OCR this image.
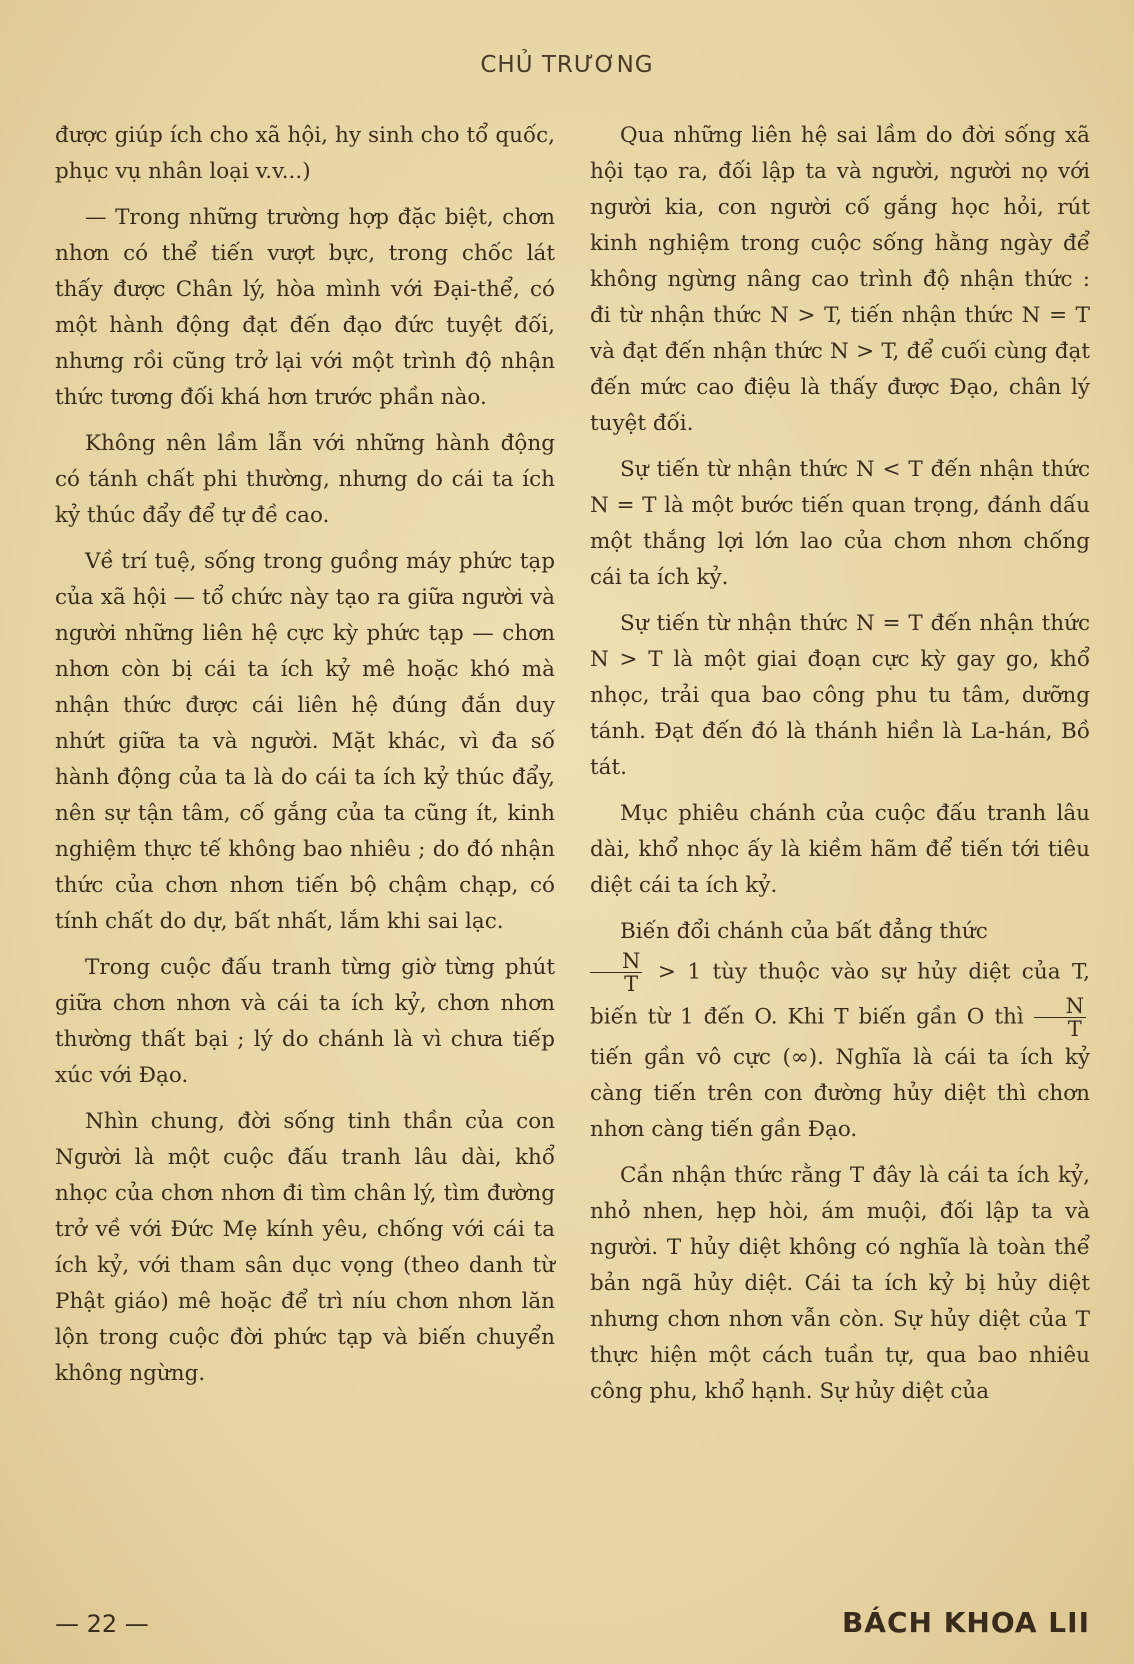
CHỦ TRƯƠNG

được giúp ích cho xã hội, hy sinh cho tổ quốc, phục vụ nhân loại v.v...)

— Trong những trường hợp đặc biệt, chơn nhơn có thể tiến vượt bực, trong chốc lát thấy được Chân lý, hòa mình với Đại-thể, có một hành động đạt đến đạo đức tuyệt đối, nhưng rồi cũng trở lại với một trình độ nhận thức tương đối khá hơn trước phần nào.

Không nên lầm lẫn với những hành động có tánh chất phi thường, nhưng do cái ta ích kỷ thúc đẩy để tự đề cao.

Về trí tuệ, sống trong guồng máy phức tạp của xã hội — tổ chức này tạo ra giữa người và người những liên hệ cực kỳ phức tạp — chơn nhơn còn bị cái ta ích kỷ mê hoặc khó mà nhận thức được cái liên hệ đúng đắn duy nhứt giữa ta và người. Mặt khác, vì đa số hành động của ta là do cái ta ích kỷ thúc đẩy, nên sự tận tâm, cố gắng của ta cũng ít, kinh nghiệm thực tế không bao nhiêu ; do đó nhận thức của chơn nhơn tiến bộ chậm chạp, có tính chất do dự, bất nhất, lắm khi sai lạc.

Trong cuộc đấu tranh từng giờ từng phút giữa chơn nhơn và cái ta ích kỷ, chơn nhơn thường thất bại ; lý do chánh là vì chưa tiếp xúc với Đạo.

Nhìn chung, đời sống tinh thần của con Người là một cuộc đấu tranh lâu dài, khổ nhọc của chơn nhơn đi tìm chân lý, tìm đường trở về với Đức Mẹ kính yêu, chống với cái ta ích kỷ, với tham sân dục vọng (theo danh từ Phật giáo) mê hoặc để trì níu chơn nhơn lăn lộn trong cuộc đời phức tạp và biến chuyển không ngừng.

Qua những liên hệ sai lầm do đời sống xã hội tạo ra, đối lập ta và người, người nọ với người kia, con người cố gắng học hỏi, rút kinh nghiệm trong cuộc sống hằng ngày để không ngừng nâng cao trình độ nhận thức : đi từ nhận thức N > T, tiến nhận thức N = T và đạt đến nhận thức N > T, để cuối cùng đạt đến mức cao điệu là thấy được Đạo, chân lý tuyệt đối.

Sự tiến từ nhận thức N < T đến nhận thức N = T là một bước tiến quan trọng, đánh dấu một thắng lợi lớn lao của chơn nhơn chống cái ta ích kỷ.

Sự tiến từ nhận thức N = T đến nhận thức N > T là một giai đoạn cực kỳ gay go, khổ nhọc, trải qua bao công phu tu tâm, dưỡng tánh. Đạt đến đó là thánh hiền là La-hán, Bồ tát.

Mục phiêu chánh của cuộc đấu tranh lâu dài, khổ nhọc ấy là kiềm hãm để tiến tới tiêu diệt cái ta ích kỷ.

Biến đổi chánh của bất đẳng thức

$\frac{N}{T} > 1$ tùy thuộc vào sự hủy diệt của T, biến từ 1 đến O. Khi T biến gần O thì $\frac{N}{T}$
tiến gần vô cực (∞). Nghĩa là cái ta ích kỷ càng tiến trên con đường hủy diệt thì chơn nhơn càng tiến gần Đạo.

Cần nhận thức rằng T đây là cái ta ích kỷ, nhỏ nhen, hẹp hòi, ám muội, đối lập ta và người. T hủy diệt không có nghĩa là toàn thể bản ngã hủy diệt. Cái ta ích kỷ bị hủy diệt nhưng chơn nhơn vẫn còn. Sự hủy diệt của T thực hiện một cách tuần tự, qua bao nhiêu công phu, khổ hạnh. Sự hủy diệt của

— 22 —	BÁCH KHOA LII
